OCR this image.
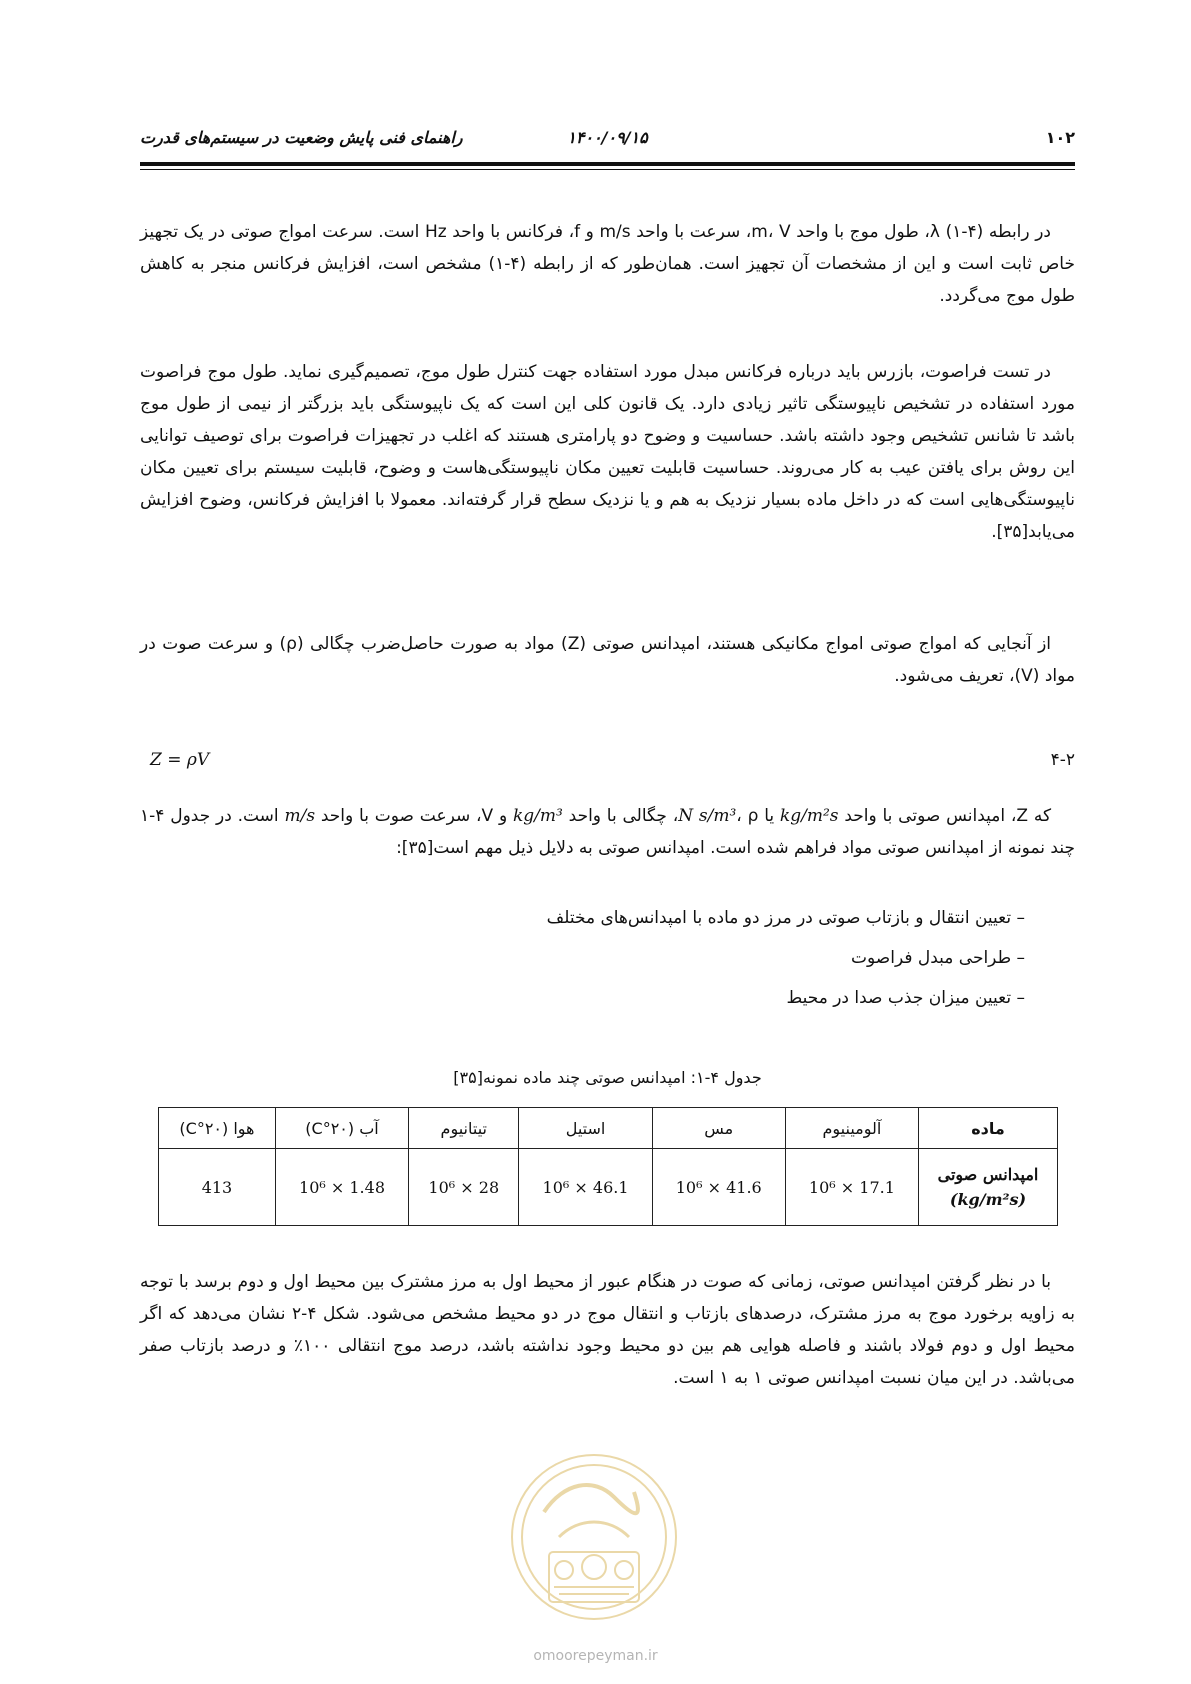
۱۰۲
۱۴۰۰/۰۹/۱۵
راهنمای فنی پایش وضعیت در سیستم‌های قدرت

در رابطه (۴-۱) λ، طول موج با واحد m، V، سرعت با واحد m/s و f، فرکانس با واحد Hz است. سرعت امواج صوتی در یک تجهیز خاص ثابت است و این از مشخصات آن تجهیز است. همان‌طور که از رابطه (۴-۱) مشخص است، افزایش فرکانس منجر به کاهش طول موج می‌گردد.

در تست فراصوت، بازرس باید درباره فرکانس مبدل مورد استفاده جهت کنترل طول موج، تصمیم‌گیری نماید. طول موج فراصوت مورد استفاده در تشخیص ناپیوستگی تاثیر زیادی دارد. یک قانون کلی این است که یک ناپیوستگی باید بزرگتر از نیمی از طول موج باشد تا شانس تشخیص وجود داشته باشد. حساسیت و وضوح دو پارامتری هستند که اغلب در تجهیزات فراصوت برای توصیف توانایی این روش برای یافتن عیب به کار می‌روند. حساسیت قابلیت تعیین مکان ناپیوستگی‌هاست و وضوح، قابلیت سیستم برای تعیین مکان ناپیوستگی‌هایی است که در داخل ماده بسیار نزدیک به هم و یا نزدیک سطح قرار گرفته‌اند. معمولا با افزایش فرکانس، وضوح افزایش می‌یابد[۳۵].

از آنجایی که امواج صوتی امواج مکانیکی هستند، امپدانس صوتی (Z) مواد به صورت حاصل‌ضرب چگالی (ρ) و سرعت صوت در مواد (V)، تعریف می‌شود.

Z = ρV	۴-۲

که Z، امپدانس صوتی با واحد kg/m²s یا N s/m³، ρ، چگالی با واحد kg/m³ و V، سرعت صوت با واحد m/s است. در جدول ۴-۱ چند نمونه از امپدانس صوتی مواد فراهم شده است. امپدانس صوتی به دلایل ذیل مهم است[۳۵]:

– تعیین انتقال و بازتاب صوتی در مرز دو ماده با امپدانس‌های مختلف
– طراحی مبدل فراصوت
– تعیین میزان جذب صدا در محیط
جدول ۴-۱: امپدانس صوتی چند ماده نمونه[۳۵]
ماده	آلومینیوم	مس	استیل	تیتانیوم	آب (۲۰°C)	هوا (۲۰°C)
امپدانس صوتی
(kg/m²s)	17.1 × 10⁶	41.6 × 10⁶	46.1 × 10⁶	28 × 10⁶	1.48 × 10⁶	413

با در نظر گرفتن امپدانس صوتی، زمانی که صوت در هنگام عبور از محیط اول به مرز مشترک بین محیط اول و دوم برسد با توجه به زاویه برخورد موج به مرز مشترک، درصدهای بازتاب و انتقال موج در دو محیط مشخص می‌شود. شکل ۴-۲ نشان می‌دهد که اگر محیط اول و دوم فولاد باشند و فاصله هوایی هم بین دو محیط وجود نداشته باشد، درصد موج انتقالی ۱۰۰٪ و درصد بازتاب صفر می‌باشد. در این میان نسبت امپدانس صوتی ۱ به ۱ است.

omoorepeyman.ir
